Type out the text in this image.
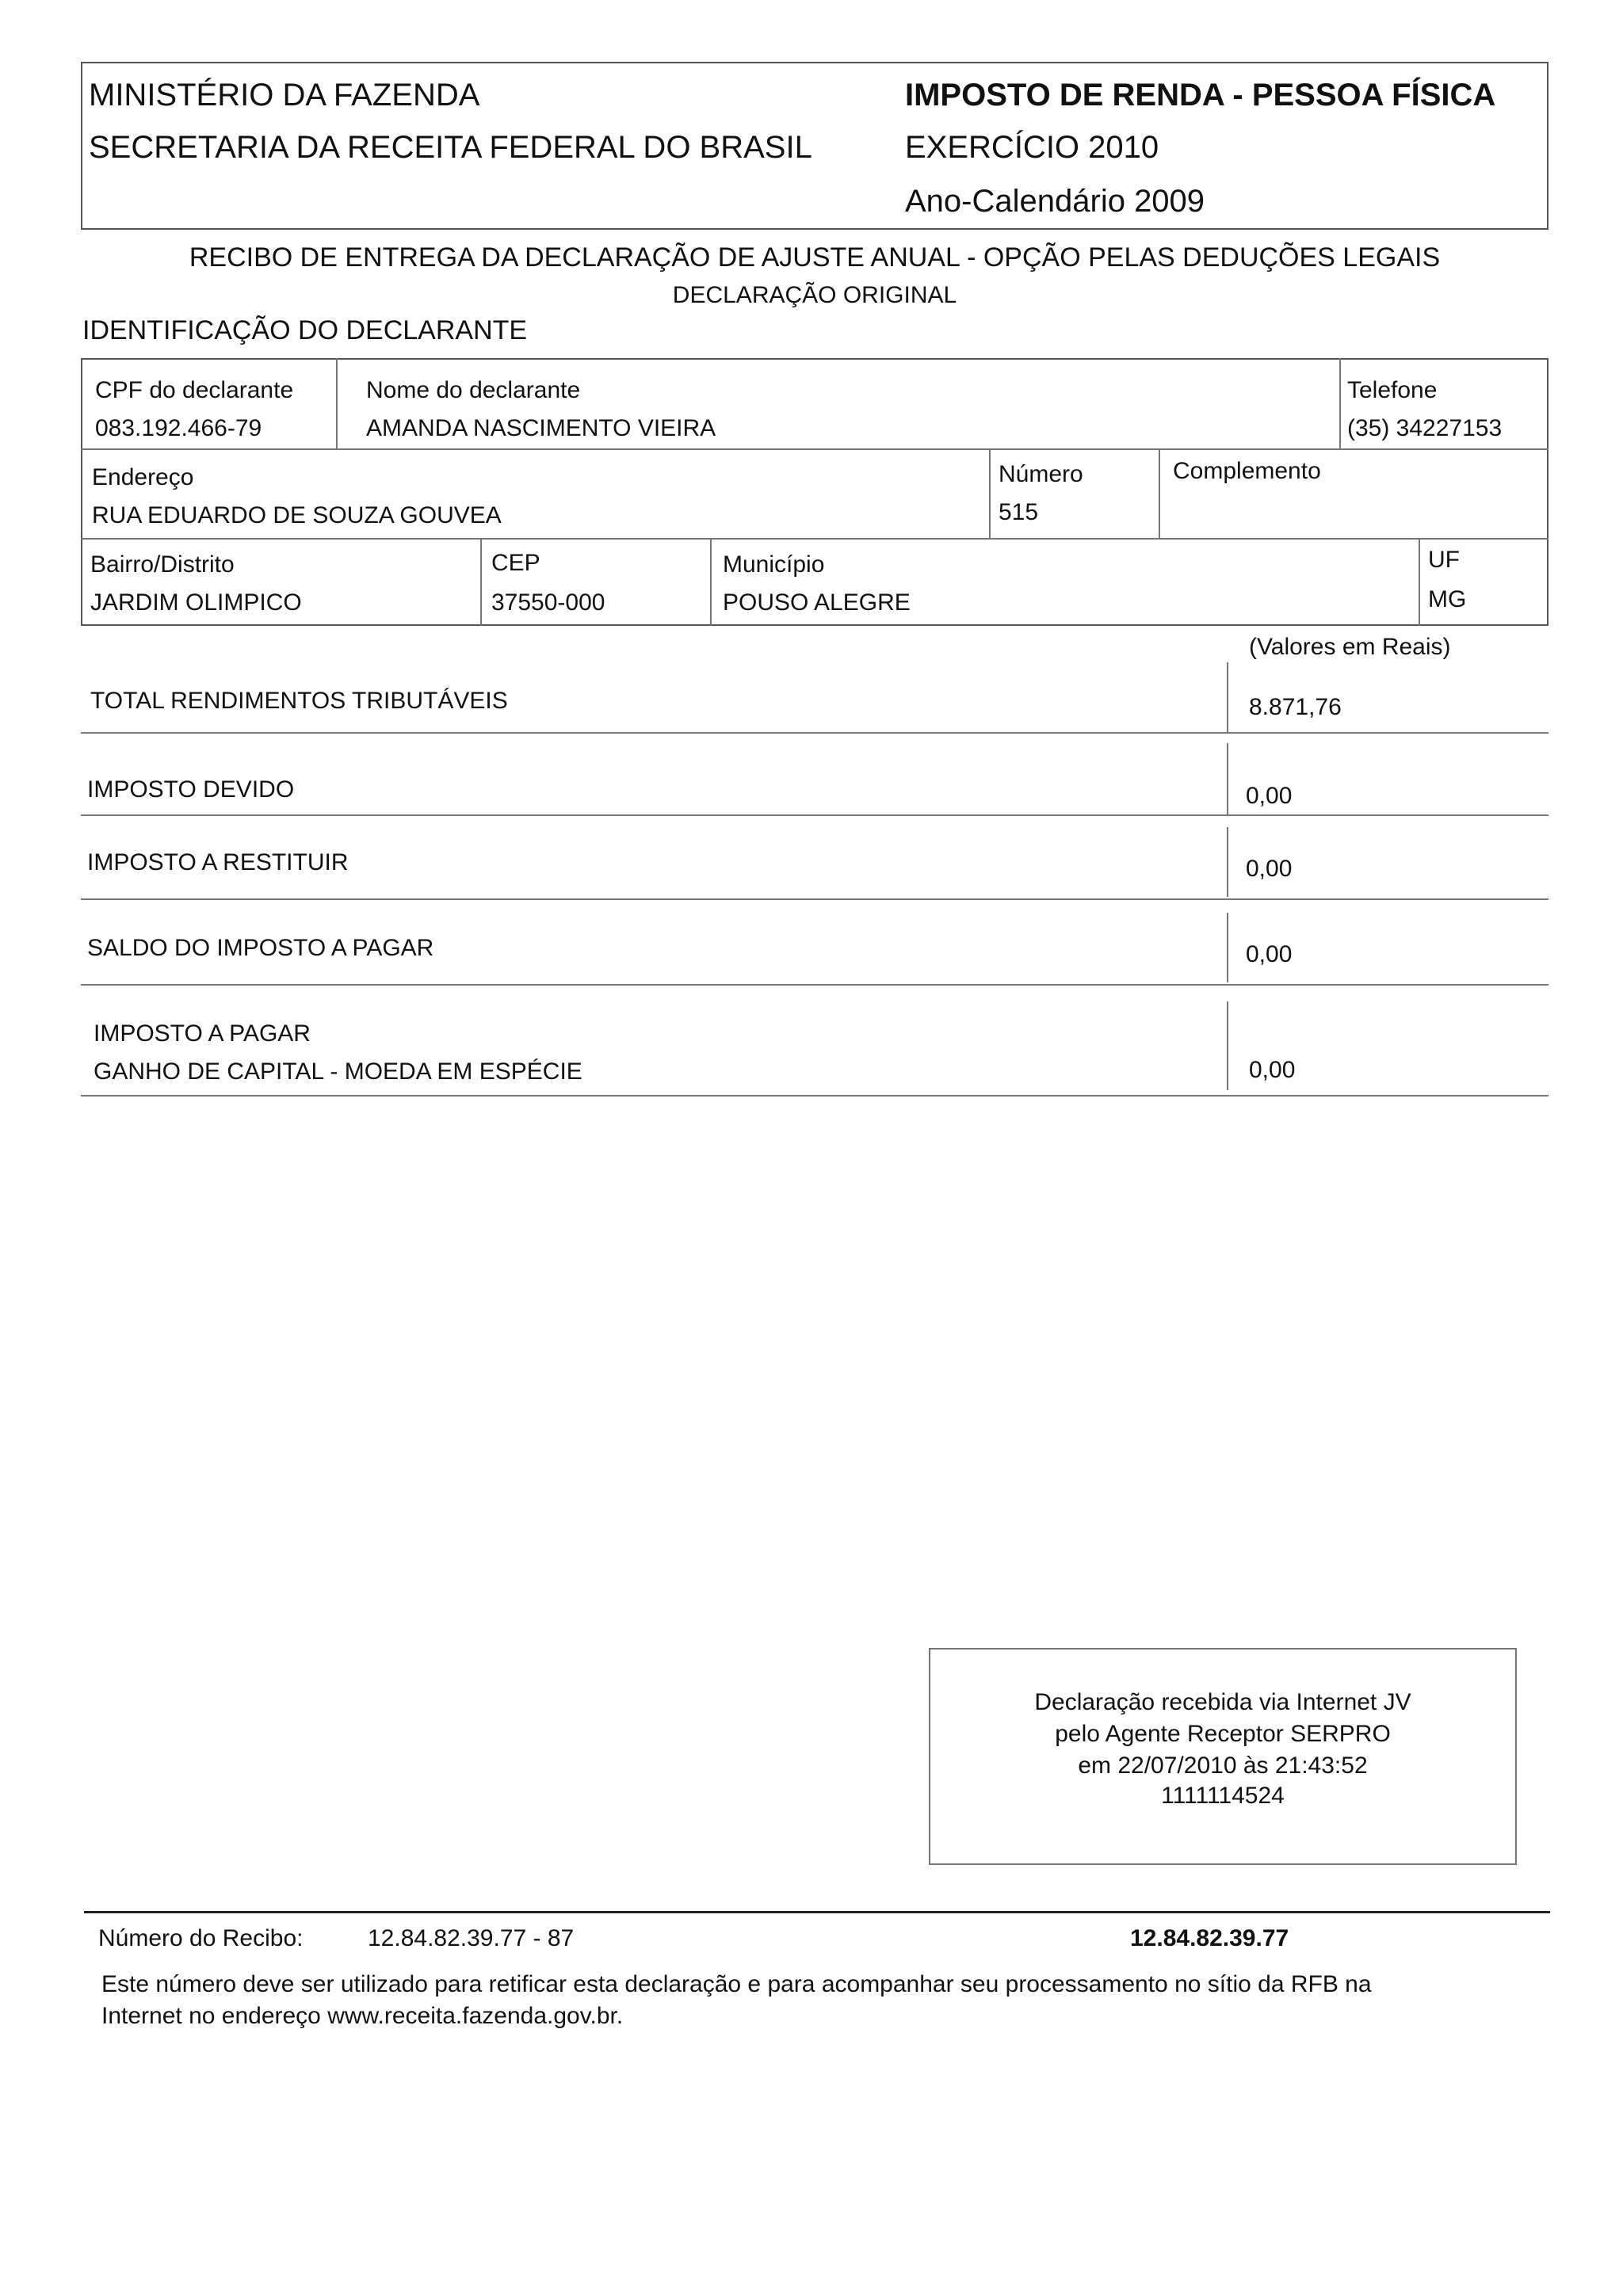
MINISTÉRIO DA FAZENDA
SECRETARIA DA RECEITA FEDERAL DO BRASIL
IMPOSTO DE RENDA - PESSOA FÍSICA
EXERCÍCIO 2010
Ano-Calendário 2009
RECIBO DE ENTREGA DA DECLARAÇÃO DE AJUSTE ANUAL - OPÇÃO PELAS DEDUÇÕES LEGAIS
DECLARAÇÃO ORIGINAL
IDENTIFICAÇÃO DO DECLARANTE
CPF do declarante
083.192.466-79
Nome do declarante
AMANDA NASCIMENTO VIEIRA
Telefone
(35) 34227153
Endereço
RUA EDUARDO DE SOUZA GOUVEA
Número
515
Complemento
Bairro/Distrito
JARDIM OLIMPICO
CEP
37550-000
Município
POUSO ALEGRE
UF
MG
(Valores em Reais)
TOTAL RENDIMENTOS TRIBUTÁVEIS	8.871,76
IMPOSTO DEVIDO	0,00
IMPOSTO A RESTITUIR	0,00
SALDO DO IMPOSTO A PAGAR	0,00
IMPOSTO A PAGAR
GANHO DE CAPITAL - MOEDA EM ESPÉCIE	0,00
Declaração recebida via Internet JV
pelo Agente Receptor SERPRO
em 22/07/2010 às 21:43:52
1111114524
Número do Recibo:	12.84.82.39.77 - 87	12.84.82.39.77
Este número deve ser utilizado para retificar esta declaração e para acompanhar seu processamento no sítio da RFB na
Internet no endereço www.receita.fazenda.gov.br.
